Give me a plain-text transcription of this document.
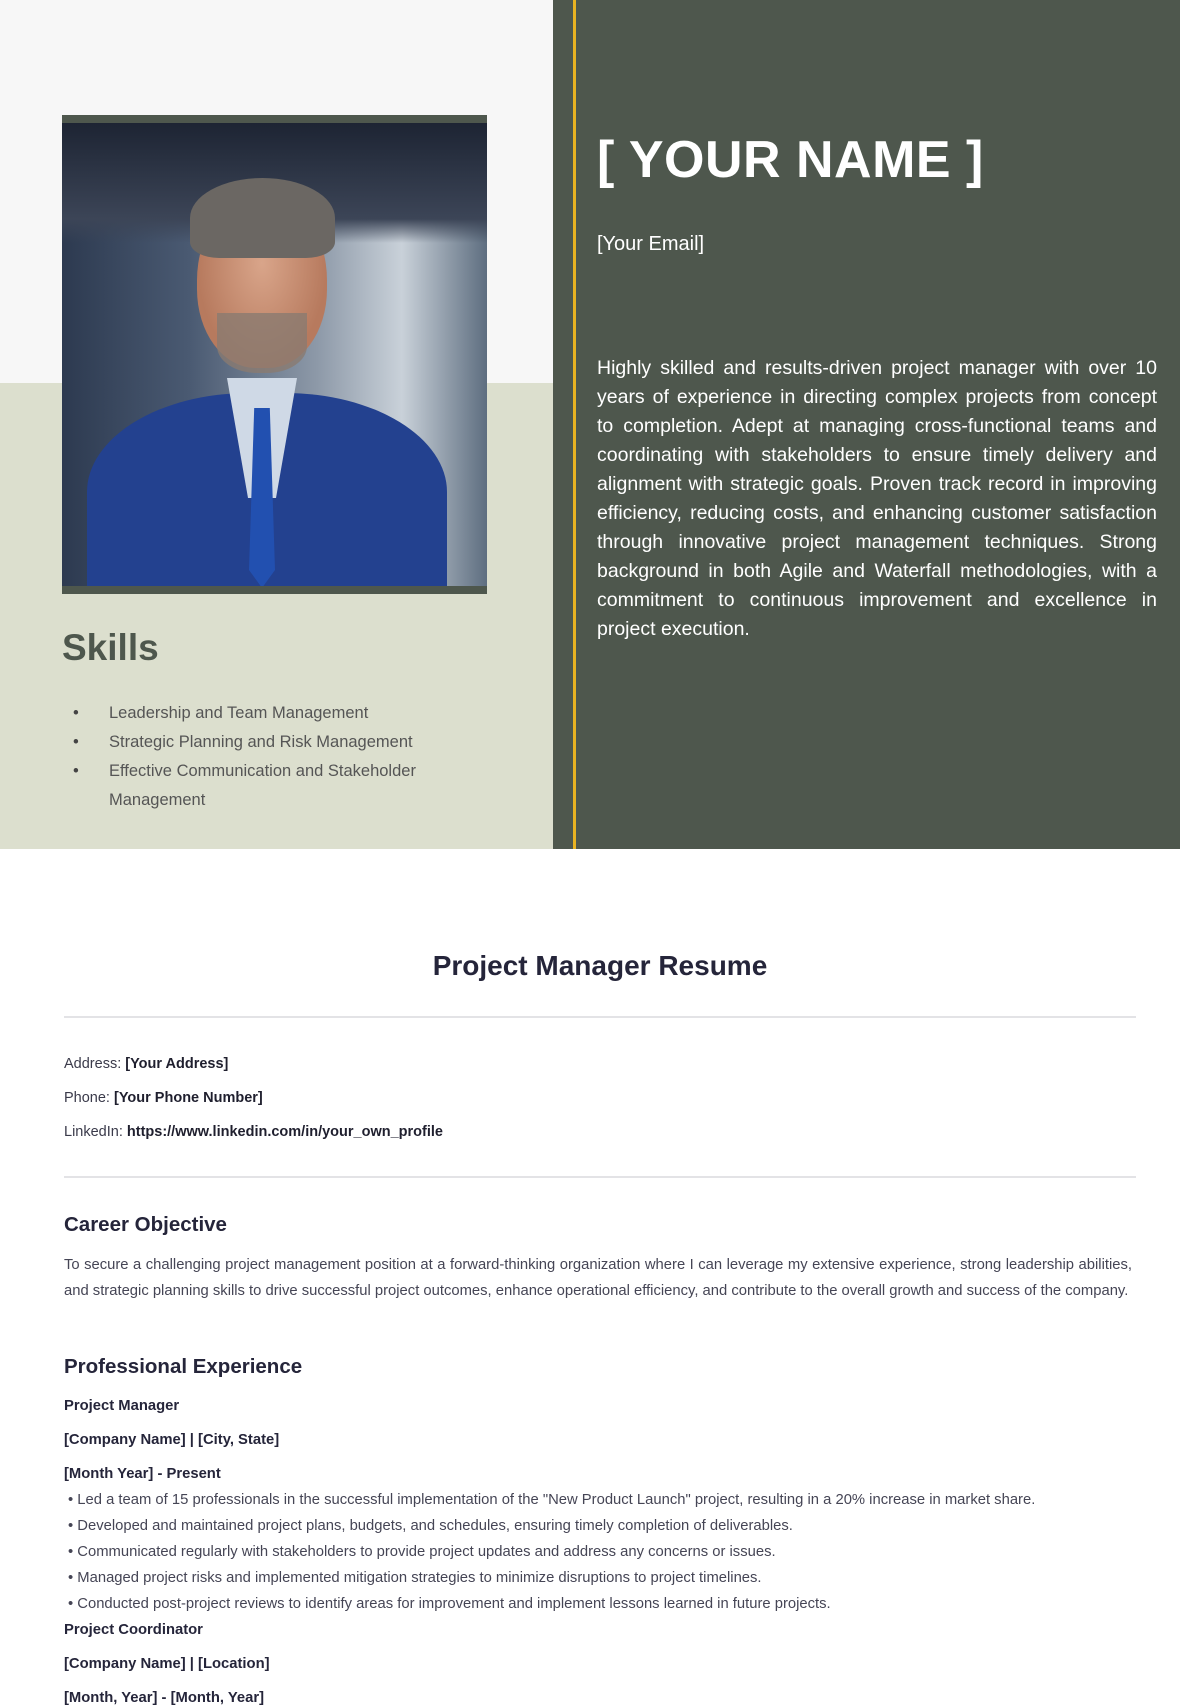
[ YOUR NAME ]
[Your Email]
Highly skilled and results-driven project manager with over 10 years of experience in directing complex projects from concept to completion. Adept at managing cross-functional teams and coordinating with stakeholders to ensure timely delivery and alignment with strategic goals. Proven track record in improving efficiency, reducing costs, and enhancing customer satisfaction through innovative project management techniques. Strong background in both Agile and Waterfall methodologies, with a commitment to continuous improvement and excellence in project execution.
Skills
• Leadership and Team Management
• Strategic Planning and Risk Management
• Effective Communication and Stakeholder Management
Project Manager Resume
Address: [Your Address]
Phone: [Your Phone Number]
LinkedIn: https://www.linkedin.com/in/your_own_profile
Career Objective
To secure a challenging project management position at a forward-thinking organization where I can leverage my extensive experience, strong leadership abilities, and strategic planning skills to drive successful project outcomes, enhance operational efficiency, and contribute to the overall growth and success of the company.
Professional Experience
Project Manager
[Company Name] | [City, State]
[Month Year] - Present
• Led a team of 15 professionals in the successful implementation of the "New Product Launch" project, resulting in a 20% increase in market share.
• Developed and maintained project plans, budgets, and schedules, ensuring timely completion of deliverables.
• Communicated regularly with stakeholders to provide project updates and address any concerns or issues.
• Managed project risks and implemented mitigation strategies to minimize disruptions to project timelines.
• Conducted post-project reviews to identify areas for improvement and implement lessons learned in future projects.
Project Coordinator
[Company Name] | [Location]
[Month, Year] - [Month, Year]
